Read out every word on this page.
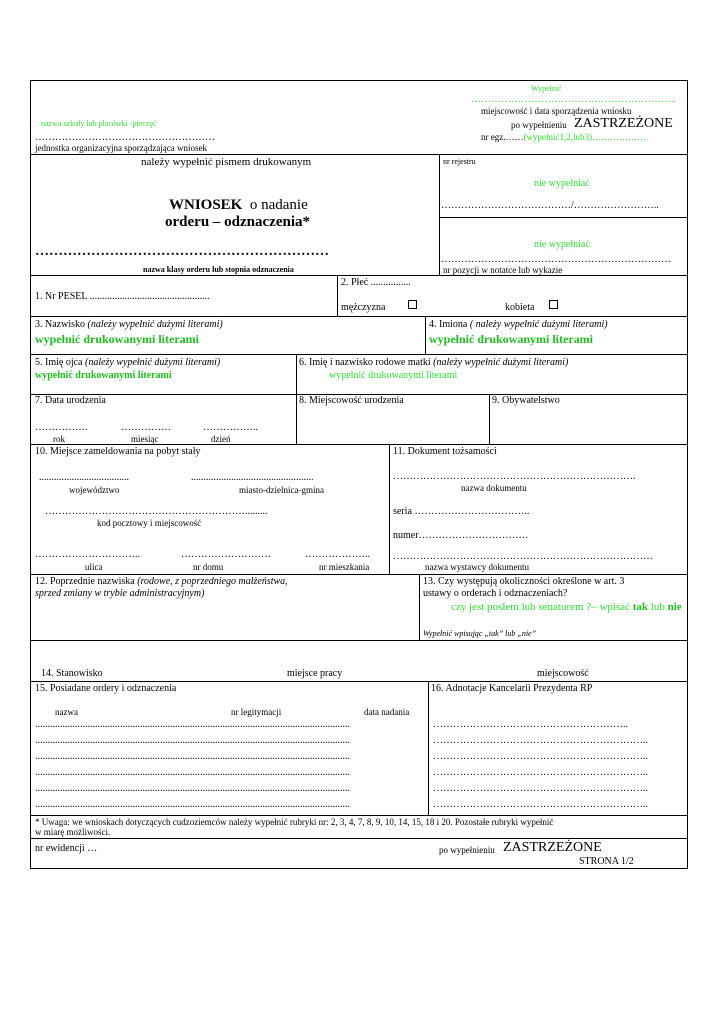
nazwa szkoły lub placówki -pieczęć
………………………………………………
jednostka organizacyjna sporządzająca wniosek
Wypełnić
……………………………………………………..
miejscowość i data sporządzenia wniosku
po wypełnieniu ZASTRZEŻONE
nr egz.……(wypełnić1,2,lub3)………………
należy wypełnić pismem drukowanym
WNIOSEK o nadanie
orderu – odznaczenia*
………………………………………………………
nazwa klasy orderu lub stopnia odznaczenia
nr rejestru
nie wypełniać
…………………………………/……………………..
nie wypełniać
……………………………………………………………
nr pozycji w notatce lub wykazie
1. Nr PESEL ................................................
2. Płeć ................
mężczyzna	kobieta
3. Nazwisko (należy wypełnić dużymi literami)
wypełnić drukowanymi literami
4. Imiona ( należy wypełnić dużymi literami)
wypełnić drukowanymi literami
5. Imię ojca (należy wypełnić dużymi literami)
wypełnić drukowanymi literami
6. Imię i nazwisko rodowe matki (należy wypełnić dużymi literami)
wypełnić drukowanymi literami
7. Data urodzenia
…………….	……………	……………..
rok	miesiąc	dzień
8. Miejscowość urodzenia	9. Obywatelstwo
10. Miejsce zameldowania na pobyt stały
....................................	.................................................
województwo	miasto-dzielnica-gmina
…………………………………………………….........
kod pocztowy i miejscowość
…………………………..	………………………	………………..
ulica	nr domu	nr mieszkania
11. Dokument tożsamości
……………………………………………………………….
nazwa dokumentu
seria ……………………………..
numer……………………………
……………………………………………………………………
nazwa wystawcy dokumentu
12. Poprzednie nazwiska (rodowe, z poprzedniego małżeństwa,
sprzed zmiany w trybie administracyjnym)
13. Czy występują okoliczności określone w art. 3
ustawy o orderach i odznaczeniach?
czy jest posłem lub senatorem ?– wpisać tak lub nie
Wypełnić wpisując „tak” lub „nie”
14. Stanowisko	miejsce pracy	miejscowość
15. Posiadane ordery i odznaczenia
nazwa	nr legitymacji	data nadania
..............................................................................................................................
..............................................................................................................................
..............................................................................................................................
..............................................................................................................................
..............................................................................................................................
..............................................................................................................................
16. Adnotacje Kancelarii Prezydenta RP
…………………………………………………..
………………………………………………………..
………………………………………………………..
………………………………………………………..
………………………………………………………..
………………………………………………………..
* Uwaga: we wnioskach dotyczących cudzoziemców należy wypełnić rubryki nr: 2, 3, 4, 7, 8, 9, 10, 14, 15, 18 i 20. Pozostałe rubryki wypełnić
w miarę możliwości.
nr ewidencji …	po wypełnieniu ZASTRZEŻONE
STRONA 1/2
